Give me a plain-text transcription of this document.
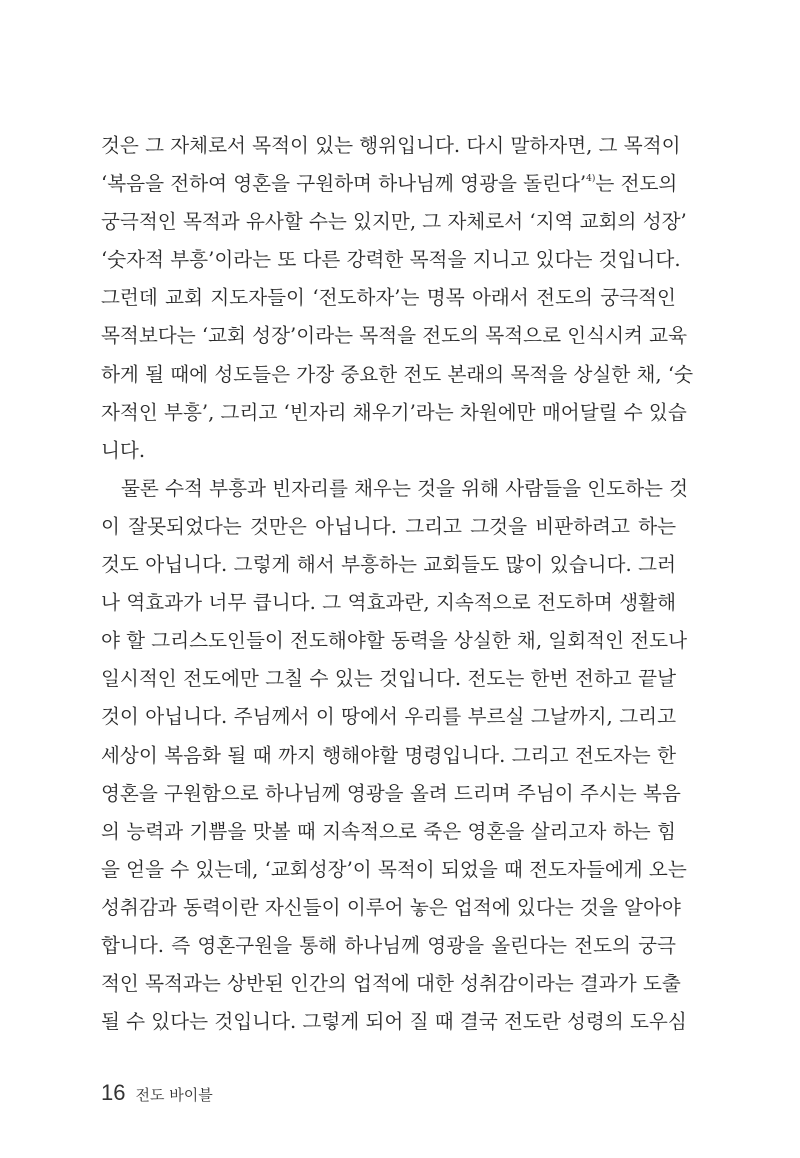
것은 그 자체로서 목적이 있는 행위입니다. 다시 말하자면, 그 목적이
‘복음을 전하여 영혼을 구원하며 하나님께 영광을 돌린다’$^{4)}$는 전도의
궁극적인 목적과 유사할 수는 있지만, 그 자체로서 ‘지역 교회의 성장’
‘숫자적 부흥’이라는 또 다른 강력한 목적을 지니고 있다는 것입니다.
그런데 교회 지도자들이 ‘전도하자’는 명목 아래서 전도의 궁극적인
목적보다는 ‘교회 성장’이라는 목적을 전도의 목적으로 인식시켜 교육
하게 될 때에 성도들은 가장 중요한 전도 본래의 목적을 상실한 채, ‘숫
자적인 부흥’, 그리고 ‘빈자리 채우기’라는 차원에만 매어달릴 수 있습
니다.
물론 수적 부흥과 빈자리를 채우는 것을 위해 사람들을 인도하는 것
이 잘못되었다는 것만은 아닙니다. 그리고 그것을 비판하려고 하는
것도 아닙니다. 그렇게 해서 부흥하는 교회들도 많이 있습니다. 그러
나 역효과가 너무 큽니다. 그 역효과란, 지속적으로 전도하며 생활해
야 할 그리스도인들이 전도해야할 동력을 상실한 채, 일회적인 전도나
일시적인 전도에만 그칠 수 있는 것입니다. 전도는 한번 전하고 끝날
것이 아닙니다. 주님께서 이 땅에서 우리를 부르실 그날까지, 그리고
세상이 복음화 될 때 까지 행해야할 명령입니다. 그리고 전도자는 한
영혼을 구원함으로 하나님께 영광을 올려 드리며 주님이 주시는 복음
의 능력과 기쁨을 맛볼 때 지속적으로 죽은 영혼을 살리고자 하는 힘
을 얻을 수 있는데, ‘교회성장’이 목적이 되었을 때 전도자들에게 오는
성취감과 동력이란 자신들이 이루어 놓은 업적에 있다는 것을 알아야
합니다. 즉 영혼구원을 통해 하나님께 영광을 올린다는 전도의 궁극
적인 목적과는 상반된 인간의 업적에 대한 성취감이라는 결과가 도출
될 수 있다는 것입니다. 그렇게 되어 질 때 결국 전도란 성령의 도우심
16 전도 바이블
